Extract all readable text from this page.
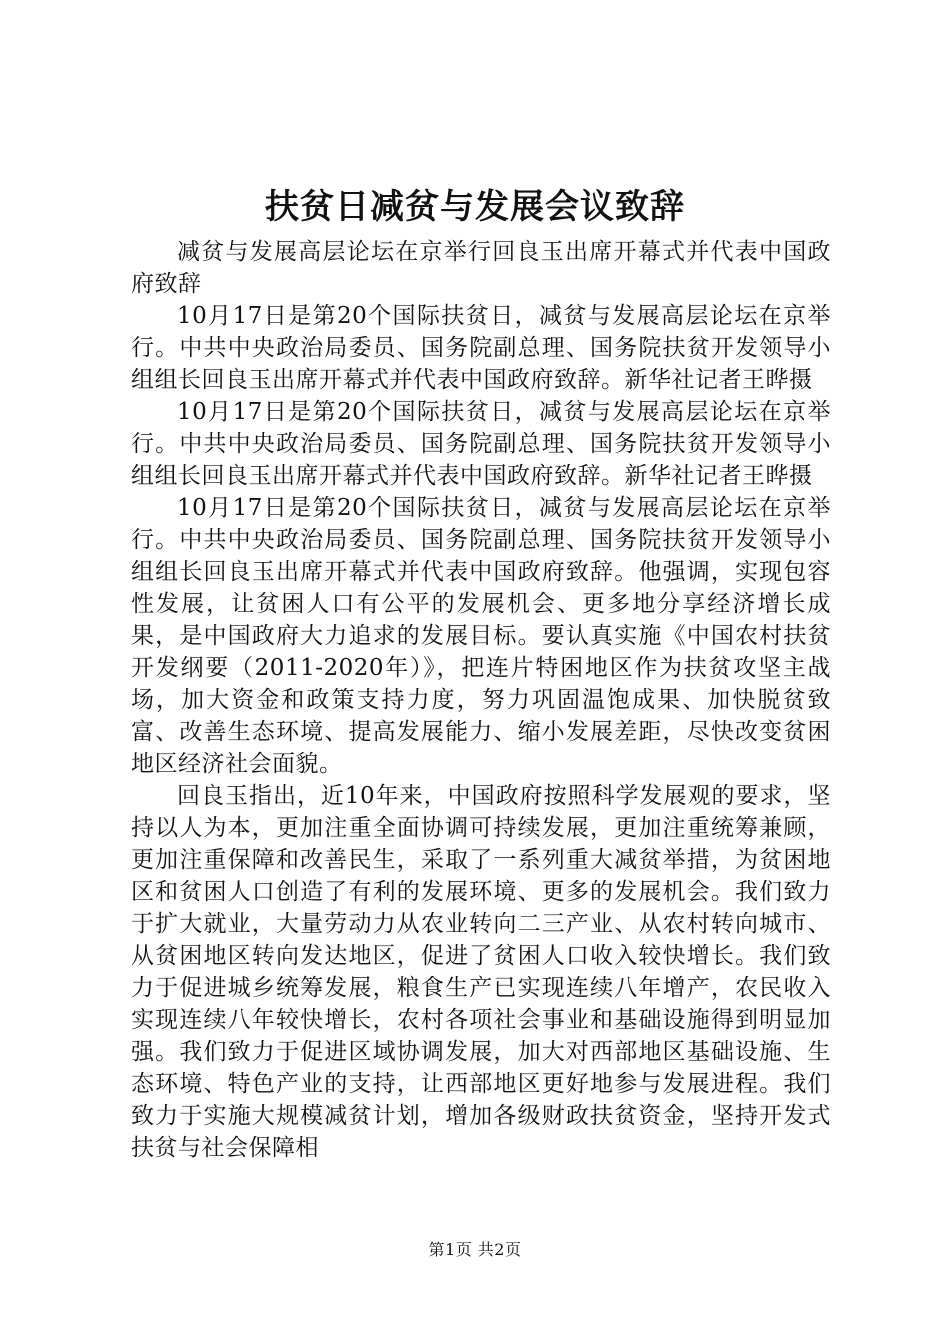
扶贫日减贫与发展会议致辞

减贫与发展高层论坛在京举行回良玉出席开幕式并代表中国政府致辞

10月17日是第20个国际扶贫日，减贫与发展高层论坛在京举行。中共中央政治局委员、国务院副总理、国务院扶贫开发领导小组组长回良玉出席开幕式并代表中国政府致辞。新华社记者王晔摄

10月17日是第20个国际扶贫日，减贫与发展高层论坛在京举行。中共中央政治局委员、国务院副总理、国务院扶贫开发领导小组组长回良玉出席开幕式并代表中国政府致辞。新华社记者王晔摄

10月17日是第20个国际扶贫日，减贫与发展高层论坛在京举行。中共中央政治局委员、国务院副总理、国务院扶贫开发领导小组组长回良玉出席开幕式并代表中国政府致辞。他强调，实现包容性发展，让贫困人口有公平的发展机会、更多地分享经济增长成果，是中国政府大力追求的发展目标。要认真实施《中国农村扶贫开发纲要（2011-2020年）》，把连片特困地区作为扶贫攻坚主战场，加大资金和政策支持力度，努力巩固温饱成果、加快脱贫致富、改善生态环境、提高发展能力、缩小发展差距，尽快改变贫困地区经济社会面貌。

回良玉指出，近10年来，中国政府按照科学发展观的要求，坚持以人为本，更加注重全面协调可持续发展，更加注重统筹兼顾，更加注重保障和改善民生，采取了一系列重大减贫举措，为贫困地区和贫困人口创造了有利的发展环境、更多的发展机会。我们致力于扩大就业，大量劳动力从农业转向二三产业、从农村转向城市、从贫困地区转向发达地区，促进了贫困人口收入较快增长。我们致力于促进城乡统筹发展，粮食生产已实现连续八年增产，农民收入实现连续八年较快增长，农村各项社会事业和基础设施得到明显加强。我们致力于促进区域协调发展，加大对西部地区基础设施、生态环境、特色产业的支持，让西部地区更好地参与发展进程。我们致力于实施大规模减贫计划，增加各级财政扶贫资金，坚持开发式扶贫与社会保障相

第1页 共2页
